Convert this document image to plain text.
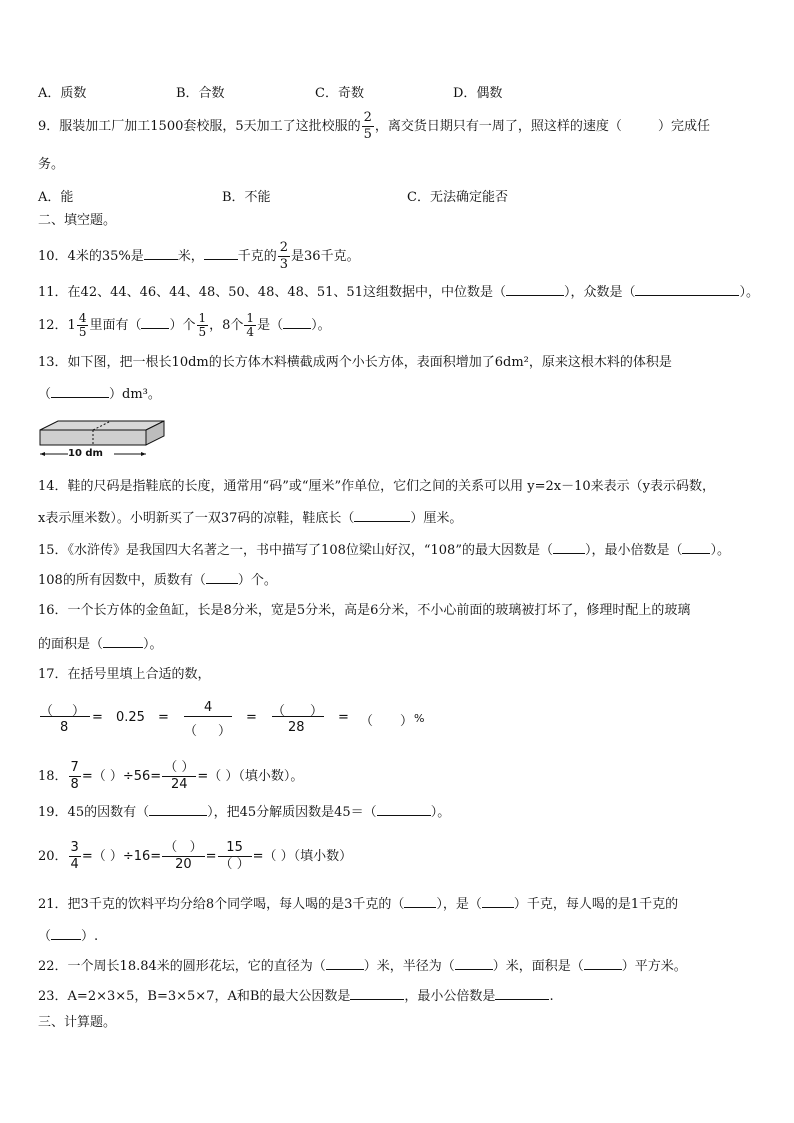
A．质数	B．合数	C．奇数	D．偶数
9．服装加工厂加工1500套校服，5天加工了这批校服的 $\frac{2}{5}$ ，离交货日期只有一周了，照这样的速度（	）完成任
务。
A．能	B．不能	C．无法确定能否
二、填空题。
10．4米的35%是	米，	千克的 $\frac{2}{3}$ 是36千克。
11．在42、44、46、44、48、50、48、48、51、51这组数据中，中位数是（	），众数是（	）。
12．$1 \frac{4}{5}$ 里面有（ ）个 $\frac{1}{5}$ ，8个 $\frac{1}{4}$ 是（ ）。
13．如下图，把一根长10dm的长方体木料横截成两个小长方体，表面积增加了6dm²，原来这根木料的体积是
（	）dm³。
10 dm
14．鞋的尺码是指鞋底的长度，通常用“码”或“厘米”作单位，它们之间的关系可以用 y=2x－10来表示（y表示码数，
x表示厘米数）。小明新买了一双37码的凉鞋，鞋底长（	）厘米。
15．《水浒传》是我国四大名著之一，书中描写了108位梁山好汉，“108”的最大因数是（ ），最小倍数是（ ）。
108的所有因数中，质数有（ ）个。
16．一个长方体的金鱼缸，长是8分米，宽是5分米，高是6分米，不小心前面的玻璃被打坏了，修理时配上的玻璃
的面积是（	）。
17．在括号里填上合适的数，
（ ）
8
= 0.25 =
4
（ ）
= （ ）
28
= （ ） %
18． $\frac{7}{8}$ =（ ）$\div 56= \frac{( )}{24}$ =（ ）（填小数）。
19．45的因数有（	），把45分解质因数是45＝（	）。
20． $\frac{3}{4}$ =（ ）$\div 16= \frac{( )}{20} = \frac{15}{( )}$ =（ ）（填小数）
21．把3千克的饮料平均分给8个同学喝，每人喝的是3千克的（ ），是（ ）千克，每人喝的是1千克的
（ ）.
22．一个周长18.84米的圆形花坛，它的直径为（	）米，半径为（	）米，面积是（	）平方米。
23．A=2×3×5，B=3×5×7，A和B的最大公因数是	，最小公倍数是	.
三、计算题。
